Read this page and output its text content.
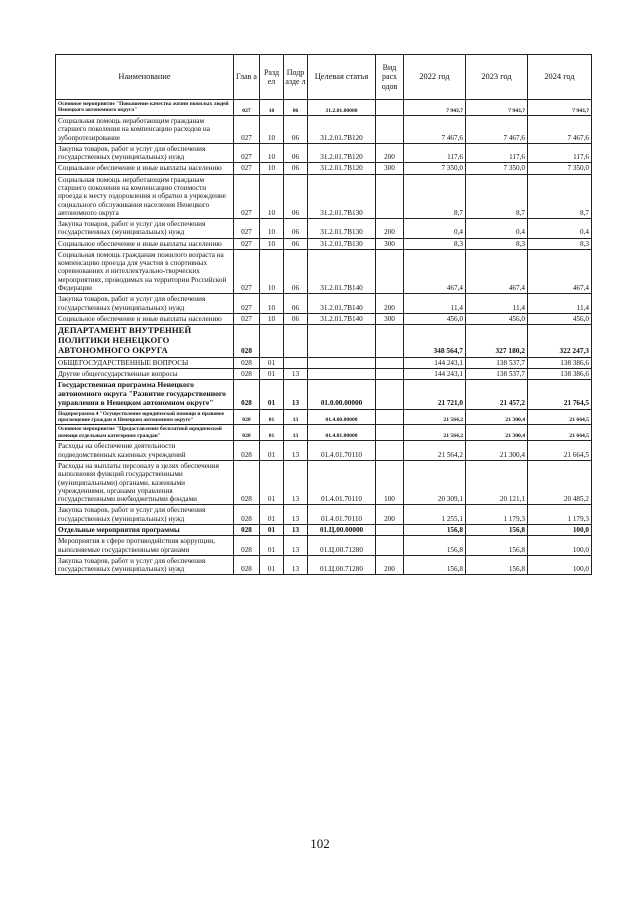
Наименование	Глав а	Разд ел	Подр азде л	Целевая статья	Вид расх одов	2022 год	2023 год	2024 год
Основное мероприятие "Повышение качества жизни пожилых людей Ненецкого автономного округа"	027	10	06	31.2.01.00000		7 943,7	7 943,7	7 943,7
Социальная помощь неработающим гражданам старшего поколения на компенсацию расходов на зубопротезирование	027	10	06	31.2.01.7В120		7 467,6	7 467,6	7 467,6
Закупка товаров, работ и услуг для обеспечения государственных (муниципальных) нужд	027	10	06	31.2.01.7В120	200	117,6	117,6	117,6
Социальное обеспечение и иные выплаты населению	027	10	06	31.2.01.7В120	300	7 350,0	7 350,0	7 350,0
Социальная помощь неработающим гражданам старшего поколения на компенсацию стоимости проезда к месту оздоровления и обратно в учреждение социального обслуживания населения Ненецкого автономного округа	027	10	06	31.2.01.7В130		8,7	8,7	8,7
Закупка товаров, работ и услуг для обеспечения государственных (муниципальных) нужд	027	10	06	31.2.01.7В130	200	0,4	0,4	0,4
Социальное обеспечение и иные выплаты населению	027	10	06	31.2.01.7В130	300	8,3	8,3	8,3
Социальная помощь гражданам пожилого возраста на компенсацию проезда для участия в спортивных соревнованиях и интеллектуально-творческих мероприятиях, проводимых на территории Российской Федерации	027	10	06	31.2.01.7В140		467,4	467,4	467,4
Закупка товаров, работ и услуг для обеспечения государственных (муниципальных) нужд	027	10	06	31.2.01.7В140	200	11,4	11,4	11,4
Социальное обеспечение и иные выплаты населению	027	10	06	31.2.01.7В140	300	456,0	456,0	456,0
ДЕПАРТАМЕНТ ВНУТРЕННЕЙ ПОЛИТИКИ НЕНЕЦКОГО АВТОНОМНОГО ОКРУГА	028					348 564,7	327 180,2	322 247,3
ОБЩЕГОСУДАРСТВЕННЫЕ ВОПРОСЫ	028	01				144 243,1	138 537,7	138 386,6
Другие общегосударственные вопросы	028	01	13			144 243,1	138 537,7	138 386,6
Государственная программа Ненецкого автономного округа "Развитие государственного управления в Ненецком автономном округе"	028	01	13	01.0.00.00000		21 721,0	21 457,2	21 764,5
Подпрограмма 4 "Осуществление юридической помощи и правовое просвещение граждан в Ненецком автономном округе"	028	01	13	01.4.00.00000		21 564,2	21 300,4	21 664,5
Основное мероприятие "Предоставление бесплатной юридической помощи отдельным категориям граждан"	028	01	13	01.4.01.00000		21 564,2	21 300,4	21 664,5
Расходы на обеспечение деятельности подведомственных казенных учреждений	028	01	13	01.4.01.70110		21 564,2	21 300,4	21 664,5
Расходы на выплаты персоналу в целях обеспечения выполнения функций государственными (муниципальными) органами, казенными учреждениями, органами управления государственными внебюджетными фондами	028	01	13	01.4.01.70110	100	20 309,1	20 121,1	20 485,2
Закупка товаров, работ и услуг для обеспечения государственных (муниципальных) нужд	028	01	13	01.4.01.70110	200	1 255,1	1 179,3	1 179,3
Отдельные мероприятия программы	028	01	13	01.Ц.00.00000		156,8	156,8	100,0
Мероприятия в сфере противодействия коррупции, выполняемые государственными органами	028	01	13	01.Ц.00.71280		156,8	156,8	100,0
Закупка товаров, работ и услуг для обеспечения государственных (муниципальных) нужд	028	01	13	01.Ц.00.71280	200	156,8	156,8	100,0
102
